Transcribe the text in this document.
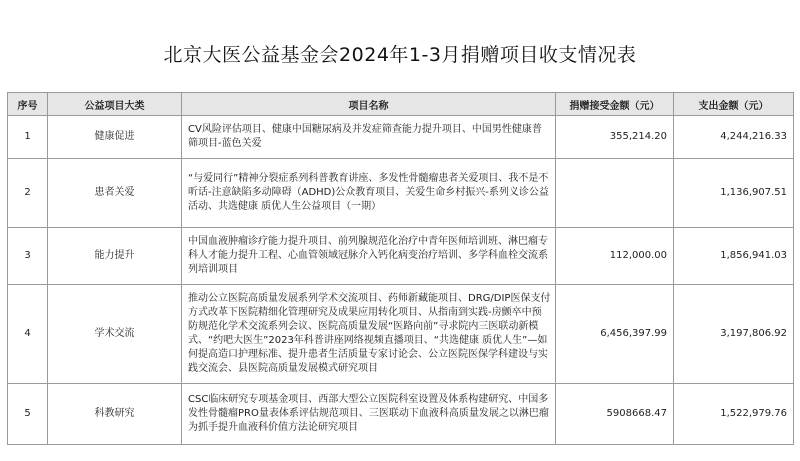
北京大医公益基金会2024年1-3月捐赠项目收支情况表
序号	公益项目大类	项目名称	捐赠接受金额（元）	支出金额（元）
1	健康促进	CV风险评估项目、健康中国糖尿病及并发症筛查能力提升项目、中国男性健康普筛项目-蓝色关爱	355,214.20	4,244,216.33
2	患者关爱	“与爱同行”精神分裂症系列科普教育讲座、多发性骨髓瘤患者关爱项目、我不是不听话-注意缺陷多动障碍（ADHD)公众教育项目、关爱生命乡村振兴-系列义诊公益活动、共选健康 质优人生公益项目（一期）		1,136,907.51
3	能力提升	中国血液肿瘤诊疗能力提升项目、前列腺规范化治疗中青年医师培训班、淋巴瘤专科人才能力提升工程、心血管领域冠脉介入钙化病变治疗培训、多学科血栓交流系列培训项目	112,000.00	1,856,941.03
4	学术交流	推动公立医院高质量发展系列学术交流项目、药师新藏能项目、DRG/DIP医保支付方式改革下医院精细化管理研究及成果应用转化项目、从指南到实践-房颤卒中预防规范化学术交流系列会议、医院高质量发展“医路向前”寻求院内三医联动新模式、“约吧大医生”2023年科普讲座网络视频直播项目、“共选健康 质优人生”—如何提高造口护理标准、提升患者生活质量专家讨论会、公立医院医保学科建设与实践交流会、县医院高质量发展模式研究项目	6,456,397.99	3,197,806.92
5	科教研究	CSC临床研究专项基金项目、西部大型公立医院科室设置及体系构建研究、中国多发性骨髓瘤PRO量表体系评估规范项目、三医联动下血液科高质量发展之以淋巴瘤为抓手提升血液科价值方法论研究项目	5908668.47	1,522,979.76
